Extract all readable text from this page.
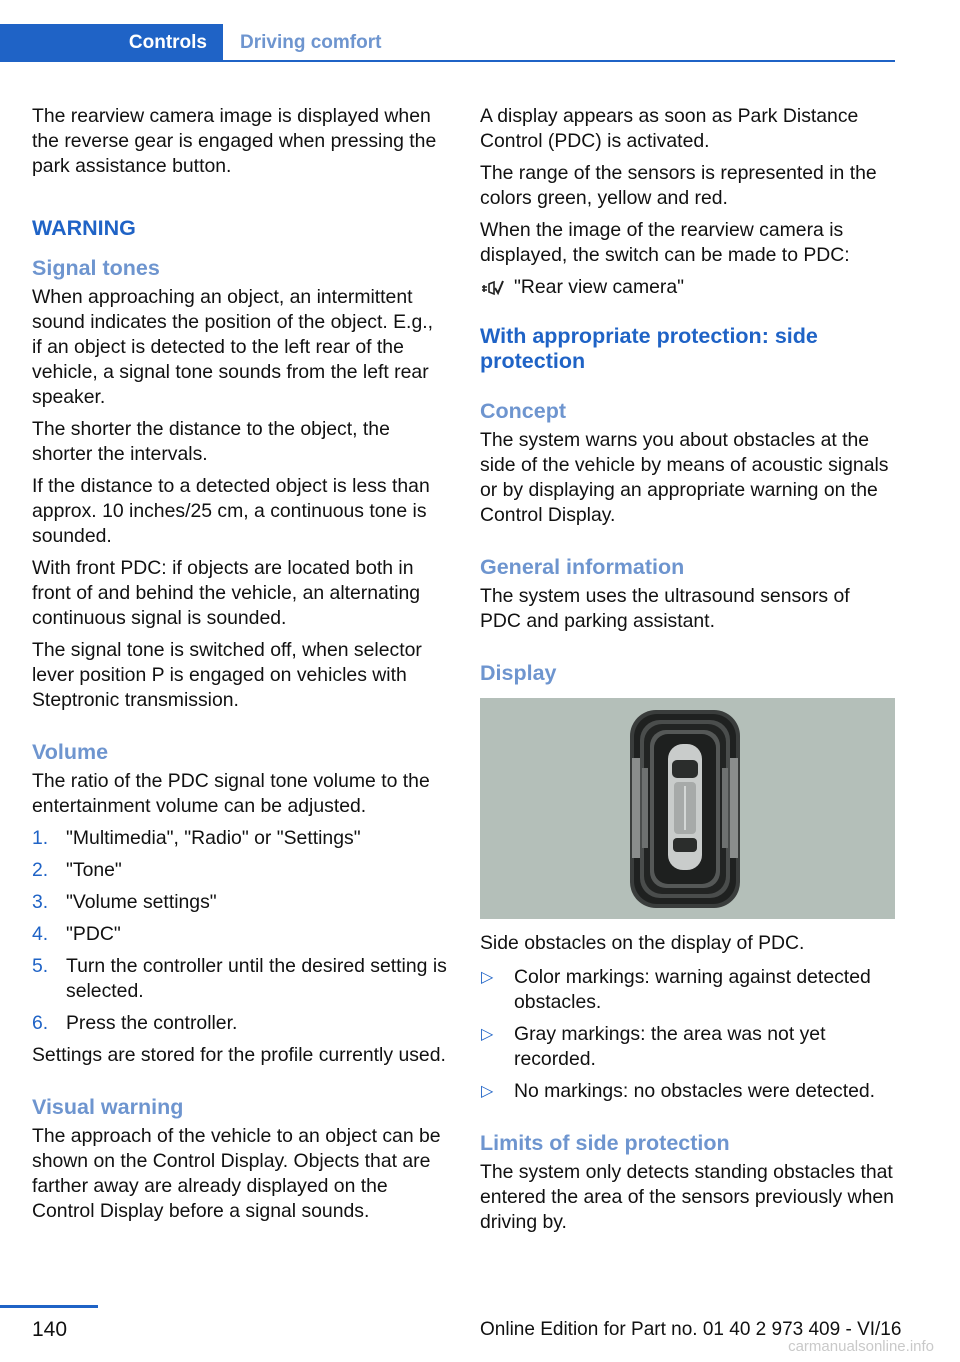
Controls	Driving comfort

The rearview camera image is displayed when the reverse gear is engaged when pressing the park assistance button.

WARNING
Signal tones

When approaching an object, an intermittent sound indicates the position of the object. E.g., if an object is detected to the left rear of the vehicle, a signal tone sounds from the left rear speaker.

The shorter the distance to the object, the shorter the intervals.

If the distance to a detected object is less than approx. 10 inches/25 cm, a continuous tone is sounded.

With front PDC: if objects are located both in front of and behind the vehicle, an alternating continuous signal is sounded.

The signal tone is switched off, when selector lever position P is engaged on vehicles with Steptronic transmission.

Volume

The ratio of the PDC signal tone volume to the entertainment volume can be adjusted.

1. "Multimedia", "Radio" or "Settings"
2. "Tone"
3. "Volume settings"
4. "PDC"
5. Turn the controller until the desired setting is selected.
6. Press the controller.

Settings are stored for the profile currently used.

Visual warning

The approach of the vehicle to an object can be shown on the Control Display. Objects that are farther away are already displayed on the Control Display before a signal sounds.

A display appears as soon as Park Distance Control (PDC) is activated.

The range of the sensors is represented in the colors green, yellow and red.

When the image of the rearview camera is displayed, the switch can be made to PDC:

"Rear view camera"
With appropriate protection: side protection
Concept

The system warns you about obstacles at the side of the vehicle by means of acoustic signals or by displaying an appropriate warning on the Control Display.

General information

The system uses the ultrasound sensors of PDC and parking assistant.

Display

Side obstacles on the display of PDC.

▷ Color markings: warning against detected obstacles.
▷ Gray markings: the area was not yet recorded.
▷ No markings: no obstacles were detected.
Limits of side protection

The system only detects standing obstacles that entered the area of the sensors previously when driving by.

140	Online Edition for Part no. 01 40 2 973 409 - VI/16
carmanualsonline.info
